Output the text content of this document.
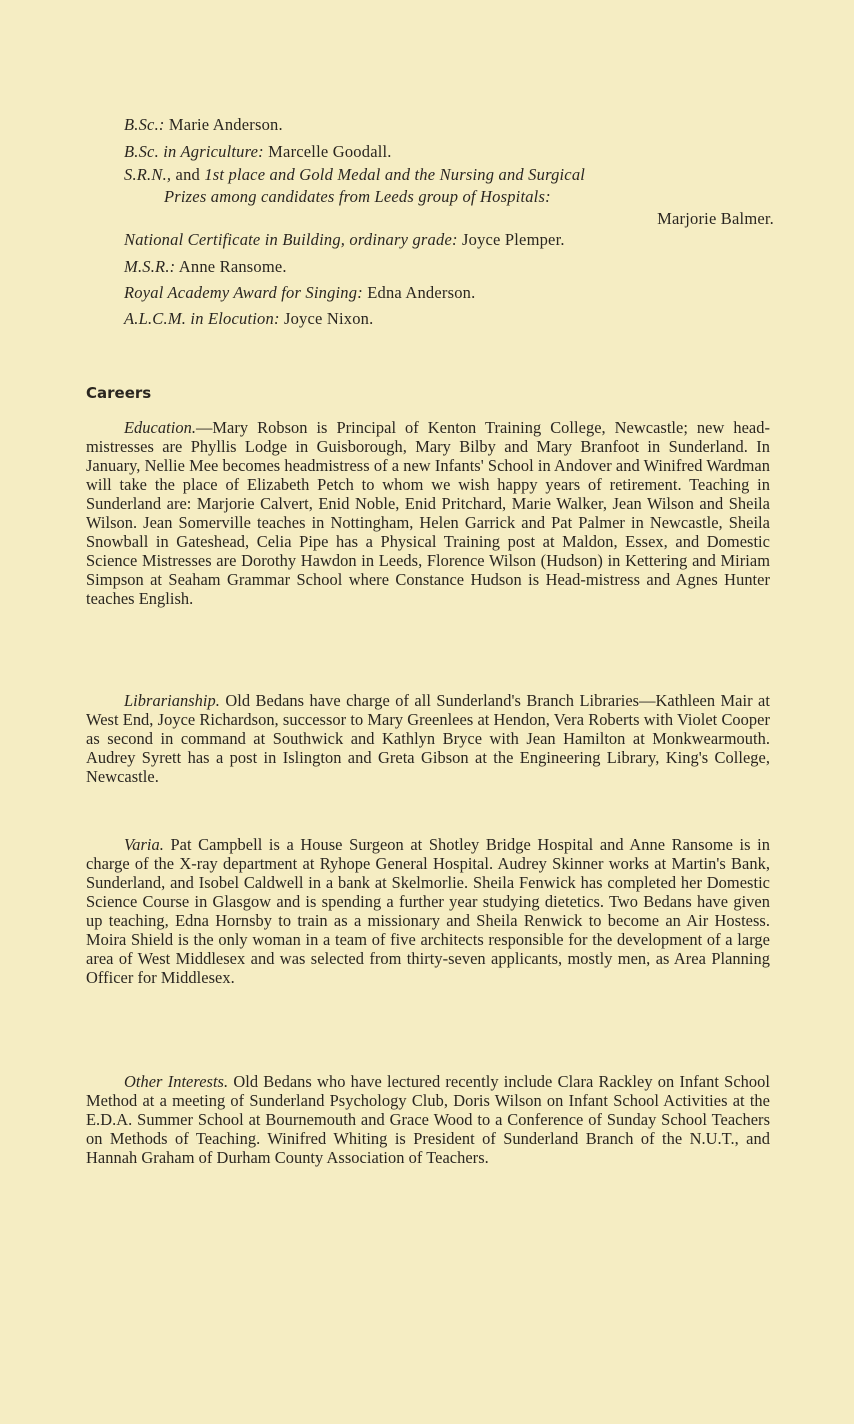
B.Sc.: Marie Anderson.
B.Sc. in Agriculture: Marcelle Goodall.
S.R.N., and 1st place and Gold Medal and the Nursing and Surgical
Prizes among candidates from Leeds group of Hospitals:
Marjorie Balmer.
National Certificate in Building, ordinary grade: Joyce Plemper.
M.S.R.: Anne Ransome.
Royal Academy Award for Singing: Edna Anderson.
A.L.C.M. in Elocution: Joyce Nixon.
Careers
Education.—Mary Robson is Principal of Kenton Training College, Newcastle; new head-mistresses are Phyllis Lodge in Guisborough, Mary Bilby and Mary Branfoot in Sunderland. In January, Nellie Mee becomes headmistress of a new Infants' School in Andover and Winifred Wardman will take the place of Elizabeth Petch to whom we wish happy years of retirement. Teaching in Sunderland are: Marjorie Calvert, Enid Noble, Enid Pritchard, Marie Walker, Jean Wilson and Sheila Wilson. Jean Somerville teaches in Nottingham, Helen Garrick and Pat Palmer in Newcastle, Sheila Snowball in Gateshead, Celia Pipe has a Physical Training post at Maldon, Essex, and Domestic Science Mistresses are Dorothy Hawdon in Leeds, Florence Wilson (Hudson) in Kettering and Miriam Simpson at Seaham Grammar School where Constance Hudson is Head-mistress and Agnes Hunter teaches English.
Librarianship. Old Bedans have charge of all Sunderland's Branch Libraries—Kathleen Mair at West End, Joyce Richardson, successor to Mary Greenlees at Hendon, Vera Roberts with Violet Cooper as second in command at Southwick and Kathlyn Bryce with Jean Hamilton at Monkwearmouth. Audrey Syrett has a post in Islington and Greta Gibson at the Engineering Library, King's College, Newcastle.
Varia. Pat Campbell is a House Surgeon at Shotley Bridge Hospital and Anne Ransome is in charge of the X-ray department at Ryhope General Hospital. Audrey Skinner works at Martin's Bank, Sunderland, and Isobel Caldwell in a bank at Skelmorlie. Sheila Fenwick has completed her Domestic Science Course in Glasgow and is spending a further year studying dietetics. Two Bedans have given up teaching, Edna Hornsby to train as a missionary and Sheila Renwick to become an Air Hostess. Moira Shield is the only woman in a team of five architects responsible for the development of a large area of West Middlesex and was selected from thirty-seven applicants, mostly men, as Area Planning Officer for Middlesex.
Other Interests. Old Bedans who have lectured recently include Clara Rackley on Infant School Method at a meeting of Sunderland Psychology Club, Doris Wilson on Infant School Activities at the E.D.A. Summer School at Bournemouth and Grace Wood to a Conference of Sunday School Teachers on Methods of Teaching. Winifred Whiting is President of Sunderland Branch of the N.U.T., and Hannah Graham of Durham County Association of Teachers.
